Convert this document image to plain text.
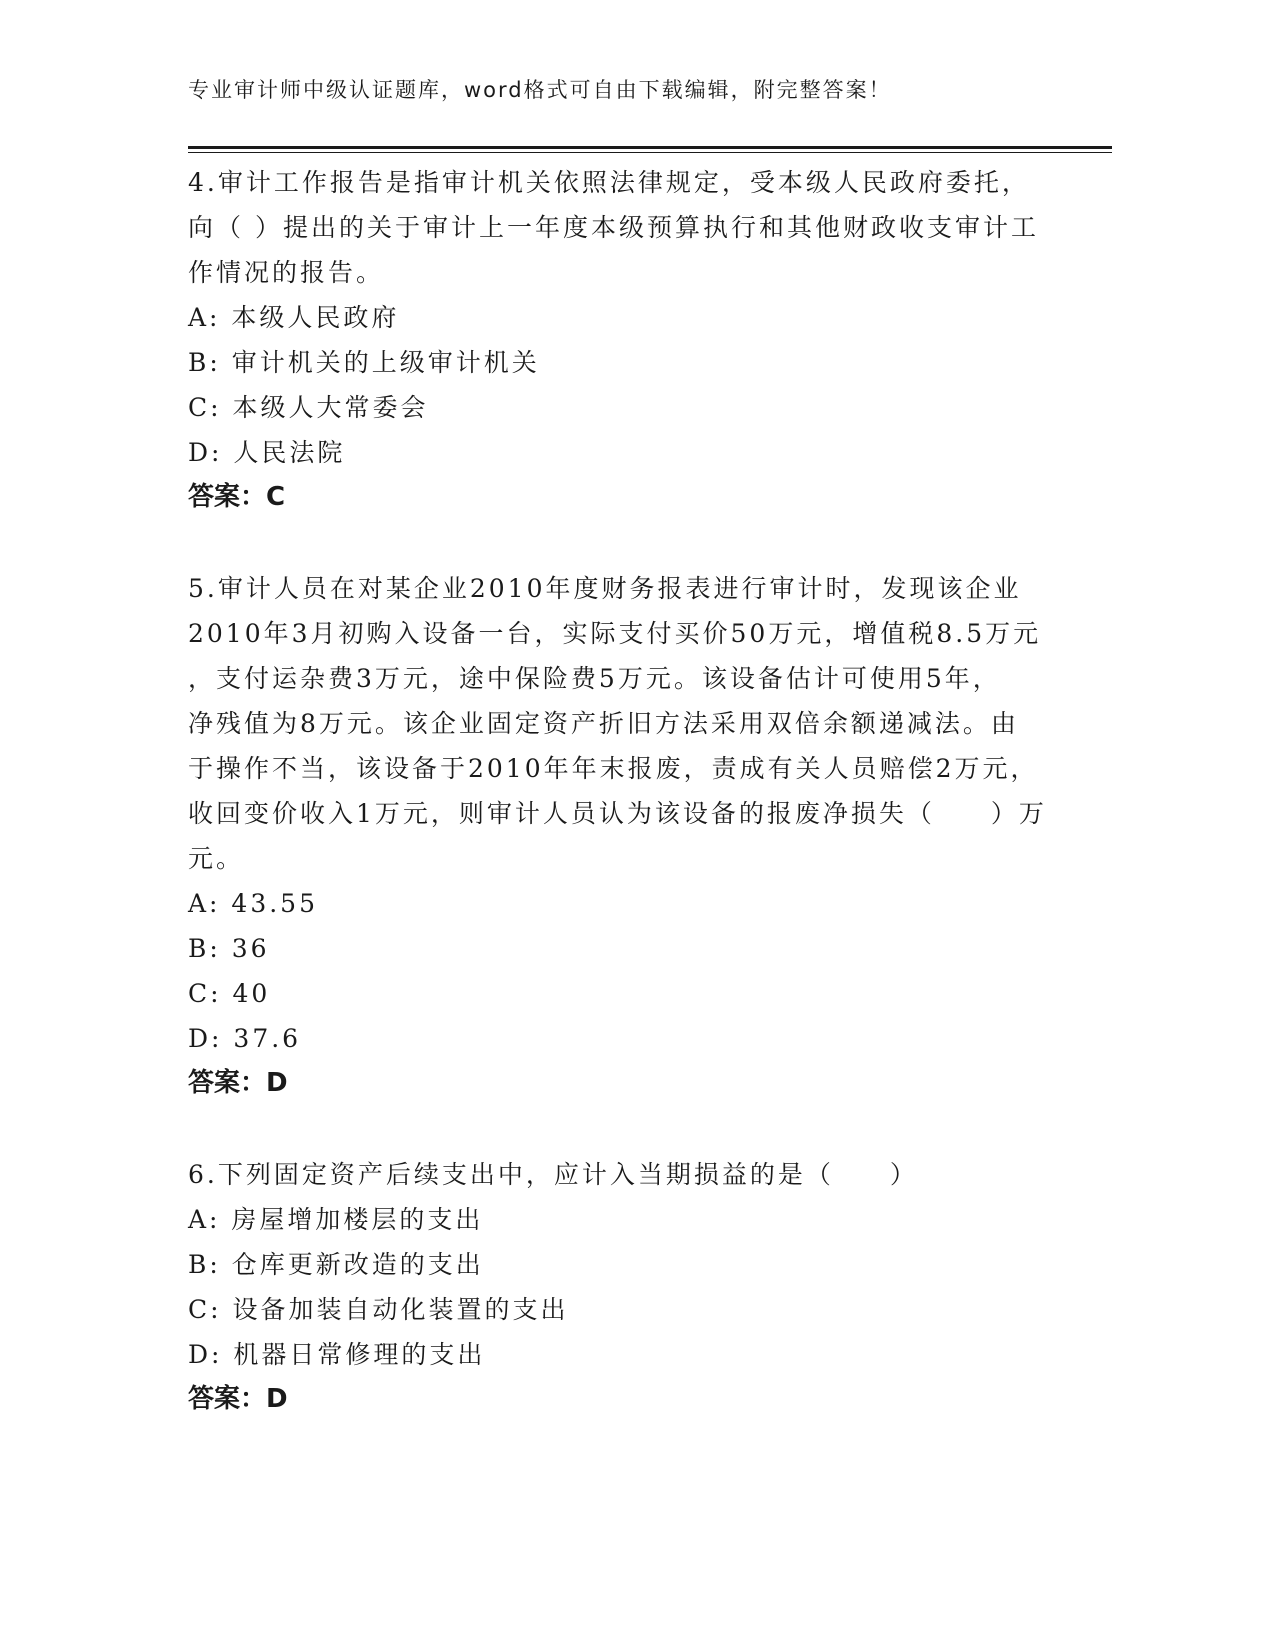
专业审计师中级认证题库，word格式可自由下载编辑，附完整答案！
4.审计工作报告是指审计机关依照法律规定，受本级人民政府委托，
向（ ）提出的关于审计上一年度本级预算执行和其他财政收支审计工
作情况的报告。
A: 本级人民政府
B: 审计机关的上级审计机关
C: 本级人大常委会
D: 人民法院
答案：C
5.审计人员在对某企业2010年度财务报表进行审计时，发现该企业
2010年3月初购入设备一台，实际支付买价50万元，增值税8.5万元
，支付运杂费3万元，途中保险费5万元。该设备估计可使用5年，
净残值为8万元。该企业固定资产折旧方法采用双倍余额递减法。由
于操作不当，该设备于2010年年末报废，责成有关人员赔偿2万元，
收回变价收入1万元，则审计人员认为该设备的报废净损失（　　）万
元。
A: 43.55
B: 36
C: 40
D: 37.6
答案：D
6.下列固定资产后续支出中，应计入当期损益的是（　　）
A: 房屋增加楼层的支出
B: 仓库更新改造的支出
C: 设备加装自动化装置的支出
D: 机器日常修理的支出
答案：D
